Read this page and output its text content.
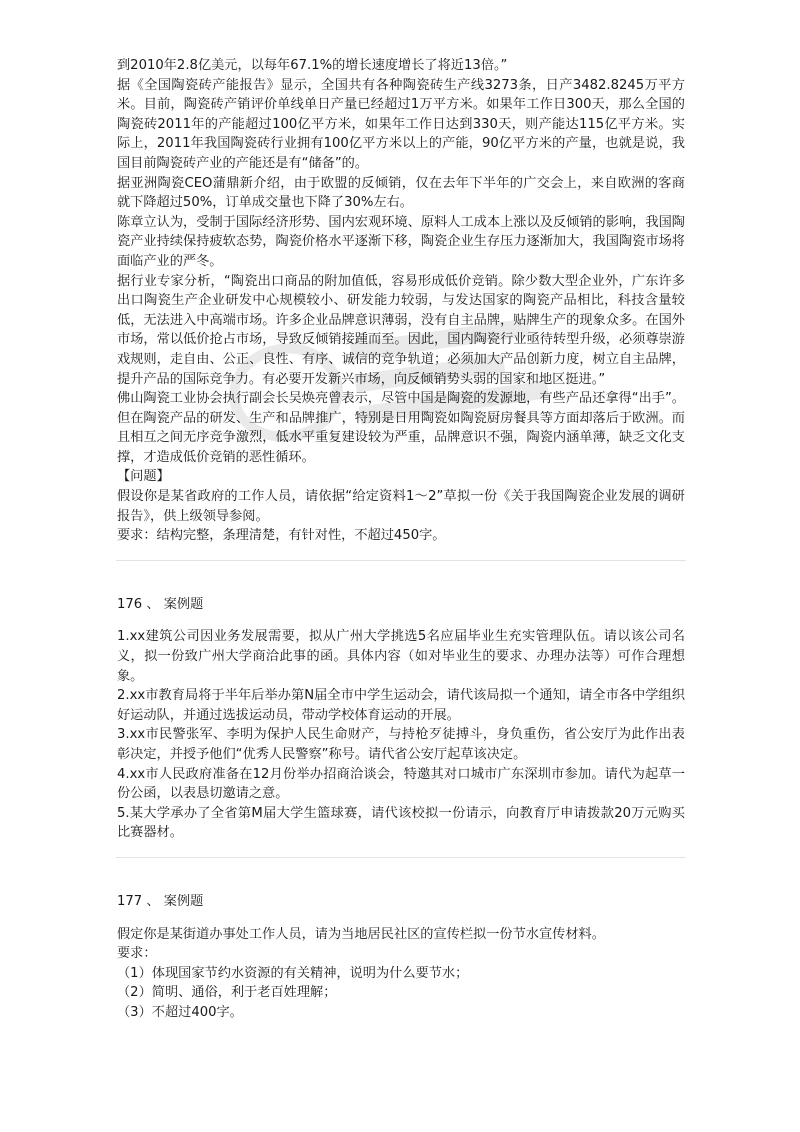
到2010年2.8亿美元，以每年67.1%的增长速度增长了将近13倍。”

据《全国陶瓷砖产能报告》显示，全国共有各种陶瓷砖生产线3273条，日产3482.8245万平方米。目前，陶瓷砖产销评价单线单日产量已经超过1万平方米。如果年工作日300天，那么全国的陶瓷砖2011年的产能超过100亿平方米，如果年工作日达到330天，则产能达115亿平方米。实际上，2011年我国陶瓷砖行业拥有100亿平方米以上的产能，90亿平方米的产量，也就是说，我国目前陶瓷砖产业的产能还是有“储备”的。

据亚洲陶瓷CEO蒲鼎新介绍，由于欧盟的反倾销，仅在去年下半年的广交会上，来自欧洲的客商就下降超过50%，订单成交量也下降了30%左右。

陈章立认为，受制于国际经济形势、国内宏观环境、原料人工成本上涨以及反倾销的影响，我国陶瓷产业持续保持疲软态势，陶瓷价格水平逐渐下移，陶瓷企业生存压力逐渐加大，我国陶瓷市场将面临产业的严冬。

据行业专家分析，“陶瓷出口商品的附加值低，容易形成低价竞销。除少数大型企业外，广东许多出口陶瓷生产企业研发中心规模较小、研发能力较弱，与发达国家的陶瓷产品相比，科技含量较低，无法进入中高端市场。许多企业品牌意识薄弱，没有自主品牌，贴牌生产的现象众多。在国外市场，常以低价抢占市场，导致反倾销接踵而至。因此，国内陶瓷行业亟待转型升级，必须尊崇游戏规则，走自由、公正、良性、有序、诚信的竞争轨道；必须加大产品创新力度，树立自主品牌，提升产品的国际竞争力。有必要开发新兴市场，向反倾销势头弱的国家和地区挺进。”

佛山陶瓷工业协会执行副会长吴焕亮曾表示，尽管中国是陶瓷的发源地，有些产品还拿得“出手”。但在陶瓷产品的研发、生产和品牌推广，特别是日用陶瓷如陶瓷厨房餐具等方面却落后于欧洲。而且相互之间无序竞争激烈，低水平重复建设较为严重，品牌意识不强，陶瓷内涵单薄，缺乏文化支撑，才造成低价竞销的恶性循环。

【问题】

假设你是某省政府的工作人员，请依据“给定资料1～2”草拟一份《关于我国陶瓷企业发展的调研报告》，供上级领导参阅。

要求：结构完整，条理清楚，有针对性，不超过450字。

176 、 案例题

1.xx建筑公司因业务发展需要，拟从广州大学挑选5名应届毕业生充实管理队伍。请以该公司名义，拟一份致广州大学商洽此事的函。具体内容（如对毕业生的要求、办理办法等）可作合理想象。

2.xx市教育局将于半年后举办第N届全市中学生运动会，请代该局拟一个通知，请全市各中学组织好运动队，并通过选拔运动员，带动学校体育运动的开展。

3.xx市民警张军、李明为保护人民生命财产，与持枪歹徒搏斗，身负重伤，省公安厅为此作出表彰决定，并授予他们“优秀人民警察”称号。请代省公安厅起草该决定。

4.xx市人民政府准备在12月份举办招商洽谈会，特邀其对口城市广东深圳市参加。请代为起草一份公函，以表恳切邀请之意。

5.某大学承办了全省第M届大学生篮球赛，请代该校拟一份请示，向教育厅申请拨款20万元购买比赛器材。

177 、 案例题

假定你是某街道办事处工作人员，请为当地居民社区的宣传栏拟一份节水宣传材料。

要求：

（1）体现国家节约水资源的有关精神，说明为什么要节水；

（2）简明、通俗，利于老百姓理解；

（3）不超过400字。
